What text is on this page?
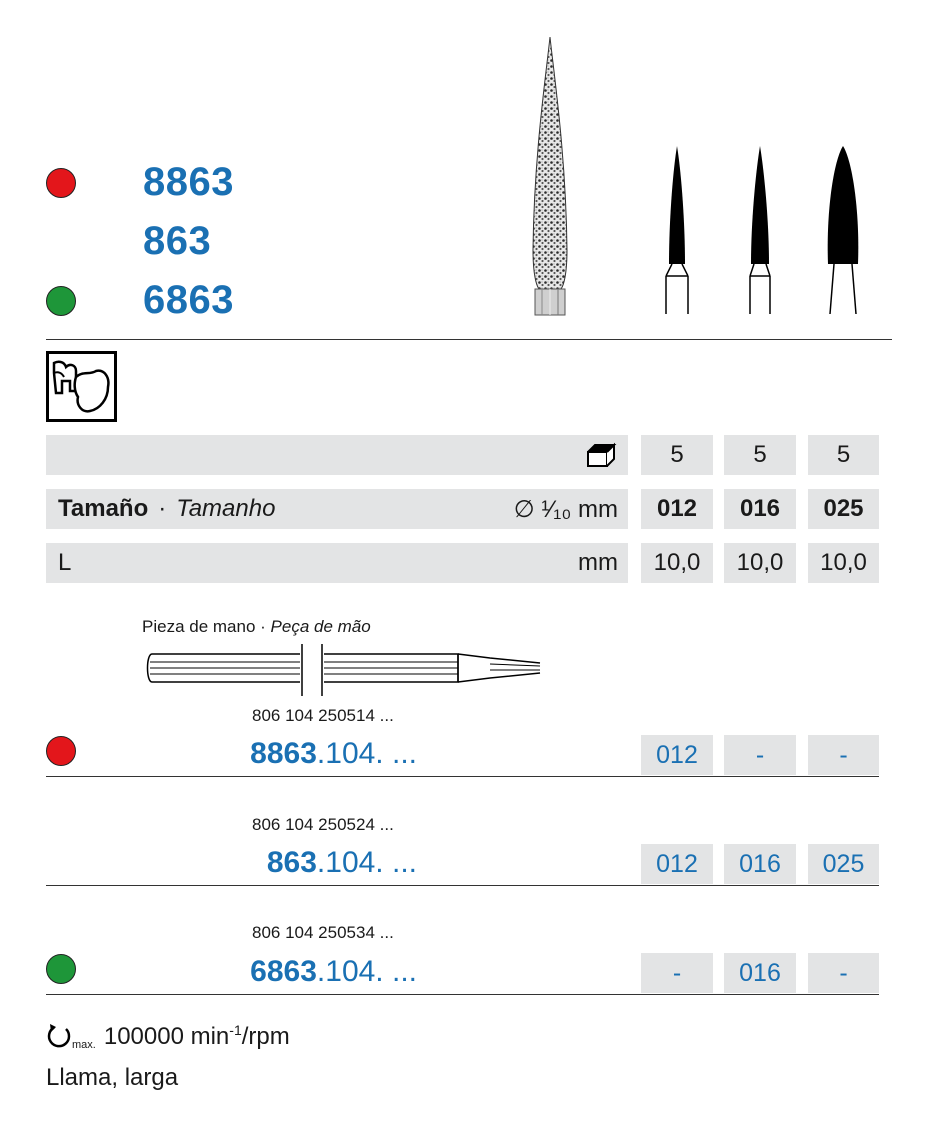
8863
863
6863
5	5	5
Tamaño · Tamanho	∅ ¹⁄₁₀ mm	012	016	025
L	mm	10,0	10,0	10,0
Pieza de mano · Peça de mão
806 104 250514 ...
8863.104. ...	012	-	-
806 104 250524 ...
863.104. ...	012	016	025
806 104 250534 ...
6863.104. ...	-	016	-
max. 100000 $\min^{-1}$/rpm
Llama, larga
